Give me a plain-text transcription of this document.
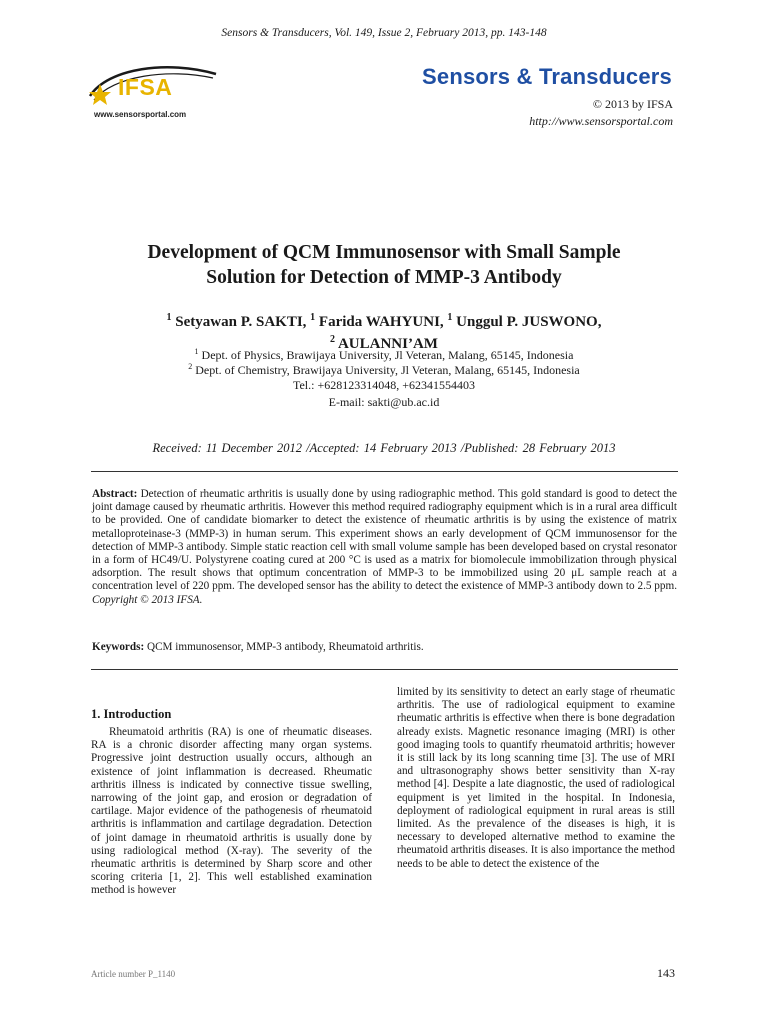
Sensors & Transducers, Vol. 149, Issue 2, February 2013, pp. 143-148
IFSA
www.sensorsportal.com
Sensors & Transducers
© 2013 by IFSA
http://www.sensorsportal.com
Development of QCM Immunosensor with Small Sample
Solution for Detection of MMP-3 Antibody
$^1$ Setyawan P. SAKTI, $^1$ Farida WAHYUNI, $^1$ Unggul P. JUSWONO,
$^2$ AULANNI’AM
$^1$ Dept. of Physics, Brawijaya University, Jl Veteran, Malang, 65145, Indonesia
$^2$ Dept. of Chemistry, Brawijaya University, Jl Veteran, Malang, 65145, Indonesia
Tel.: +628123314048, +62341554403
E-mail: sakti@ub.ac.id
Received: 11 December 2012 /Accepted: 14 February 2013 /Published: 28 February 2013
Abstract: Detection of rheumatic arthritis is usually done by using radiographic method. This gold standard is good to detect the joint damage caused by rheumatic arthritis. However this method required radiography equipment which is in a rural area difficult to be provided. One of candidate biomarker to detect the existence of rheumatic arthritis is by using the existence of matrix metalloproteinase-3 (MMP-3) in human serum. This experiment shows an early development of QCM immunosensor for the detection of MMP-3 antibody. Simple static reaction cell with small volume sample has been developed based on crystal resonator in a form of HC49/U. Polystyrene coating cured at 200 °C is used as a matrix for biomolecule immobilization through physical adsorption. The result shows that optimum concentration of MMP-3 to be immobilized using 20 μL sample reach at a concentration level of 220 ppm. The developed sensor has the ability to detect the existence of MMP-3 antibody down to 2.5 ppm. Copyright © 2013 IFSA.
Keywords: QCM immunosensor, MMP-3 antibody, Rheumatoid arthritis.
1. Introduction
Rheumatoid arthritis (RA) is one of rheumatic diseases. RA is a chronic disorder affecting many organ systems. Progressive joint destruction usually occurs, although an existence of joint inflammation is decreased. Rheumatic arthritis illness is indicated by connective tissue swelling, narrowing of the joint gap, and erosion or degradation of cartilage. Major evidence of the pathogenesis of rheumatoid arthritis is inflammation and cartilage degradation. Detection of joint damage in rheumatoid arthritis is usually done by using radiological method (X-ray). The severity of the rheumatic arthritis is determined by Sharp score and other scoring criteria [1, 2]. This well established examination method is however
limited by its sensitivity to detect an early stage of rheumatic arthritis. The use of radiological equipment to examine rheumatic arthritis is effective when there is bone degradation already exists. Magnetic resonance imaging (MRI) is other good imaging tools to quantify rheumatoid arthritis; however it is still lack by its long scanning time [3]. The use of MRI and ultrasonography shows better sensitivity than X-ray method [4]. Despite a late diagnostic, the used of radiological equipment is yet limited in the hospital. In Indonesia, deployment of radiological equipment in rural areas is still limited. As the prevalence of the diseases is high, it is necessary to developed alternative method to examine the rheumatoid arthritis diseases. It is also importance the method needs to be able to detect the existence of the
Article number P_1140	143
